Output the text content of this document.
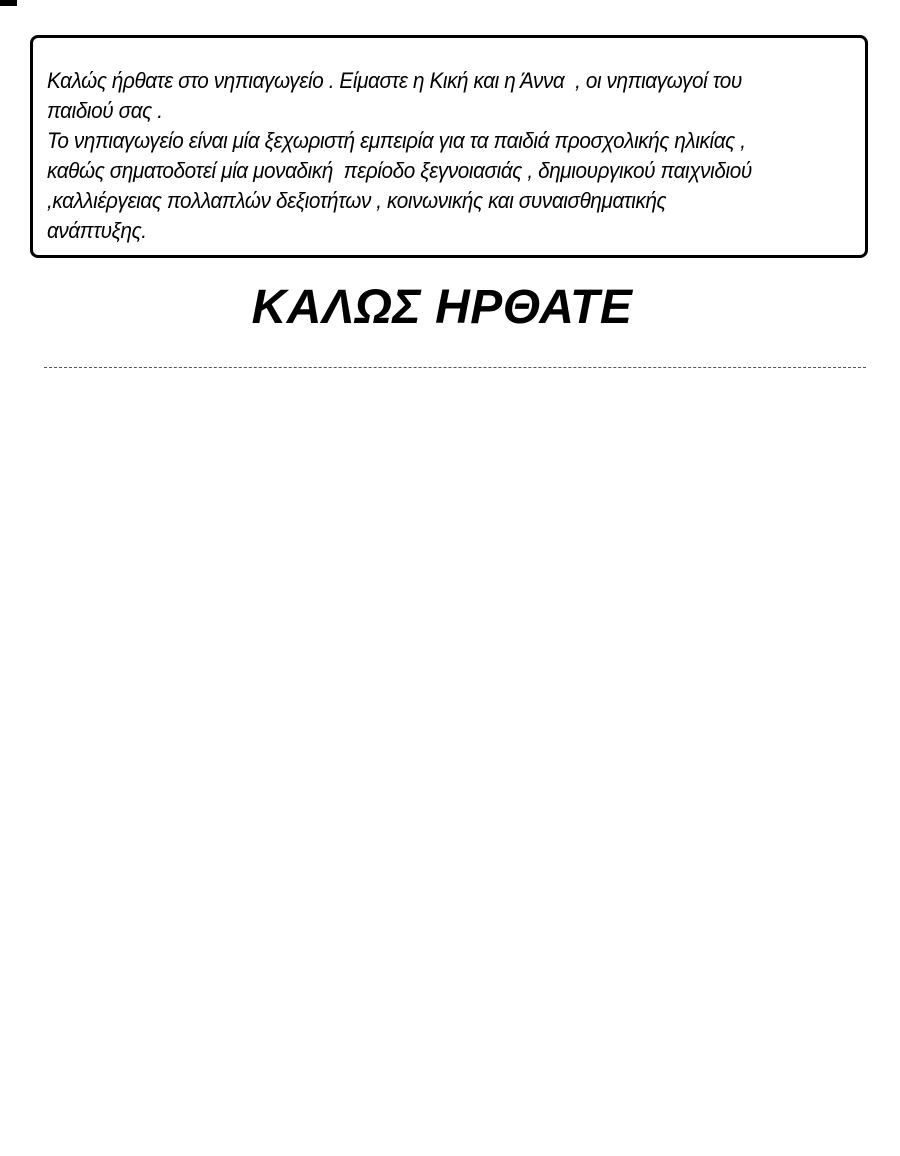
Καλώς ήρθατε στο νηπιαγωγείο . Είμαστε η Κική και η Άννα  , οι νηπιαγωγοί του
παιδιού σας .

Το νηπιαγωγείο είναι μία ξεχωριστή εμπειρία για τα παιδιά προσχολικής ηλικίας ,
καθώς σηματοδοτεί μία μοναδική  περίοδο ξεγνοιασιάς , δημιουργικού παιχνιδιού
,καλλιέργειας πολλαπλών δεξιοτήτων , κοινωνικής και συναισθηματικής
ανάπτυξης.

ΚΑΛΩΣ ΗΡΘΑΤΕ
